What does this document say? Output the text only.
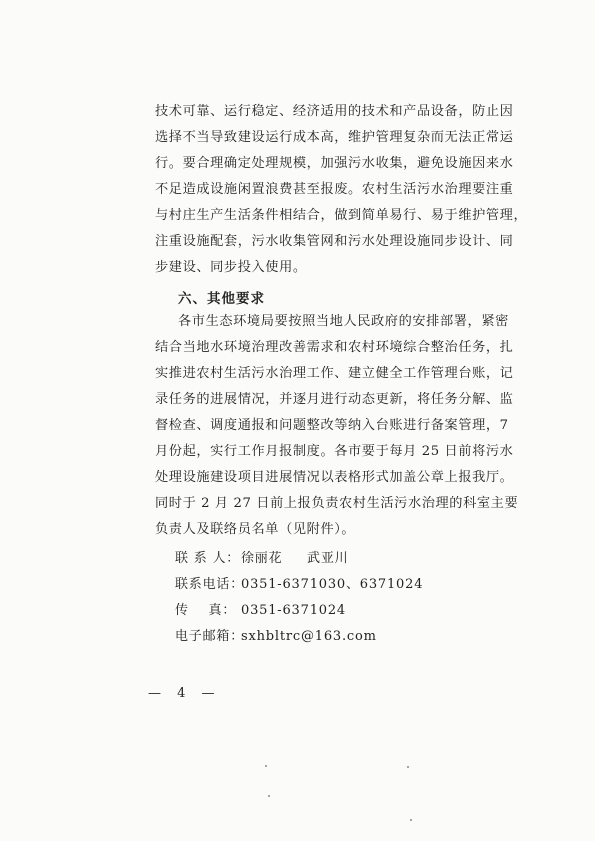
技术可靠、运行稳定、经济适用的技术和产品设备，防止因
选择不当导致建设运行成本高，维护管理复杂而无法正常运
行。要合理确定处理规模，加强污水收集，避免设施因来水
不足造成设施闲置浪费甚至报废。农村生活污水治理要注重
与村庄生产生活条件相结合，做到简单易行、易于维护管理，
注重设施配套，污水收集管网和污水处理设施同步设计、同
步建设、同步投入使用。
六、其他要求
各市生态环境局要按照当地人民政府的安排部署，紧密
结合当地水环境治理改善需求和农村环境综合整治任务，扎
实推进农村生活污水治理工作、建立健全工作管理台账，记
录任务的进展情况，并逐月进行动态更新，将任务分解、监
督检查、调度通报和问题整改等纳入台账进行备案管理，7
月份起，实行工作月报制度。各市要于每月 25 日前将污水
处理设施建设项目进展情况以表格形式加盖公章上报我厅。
同时于 2 月 27 日前上报负责农村生活污水治理的科室主要
负责人及联络员名单（见附件）。
联 系 人：徐丽花     武亚川
联系电话：0351-6371030、6371024
传    真： 0351-6371024
电子邮箱：sxhbltrc@163.com
— 4 —
